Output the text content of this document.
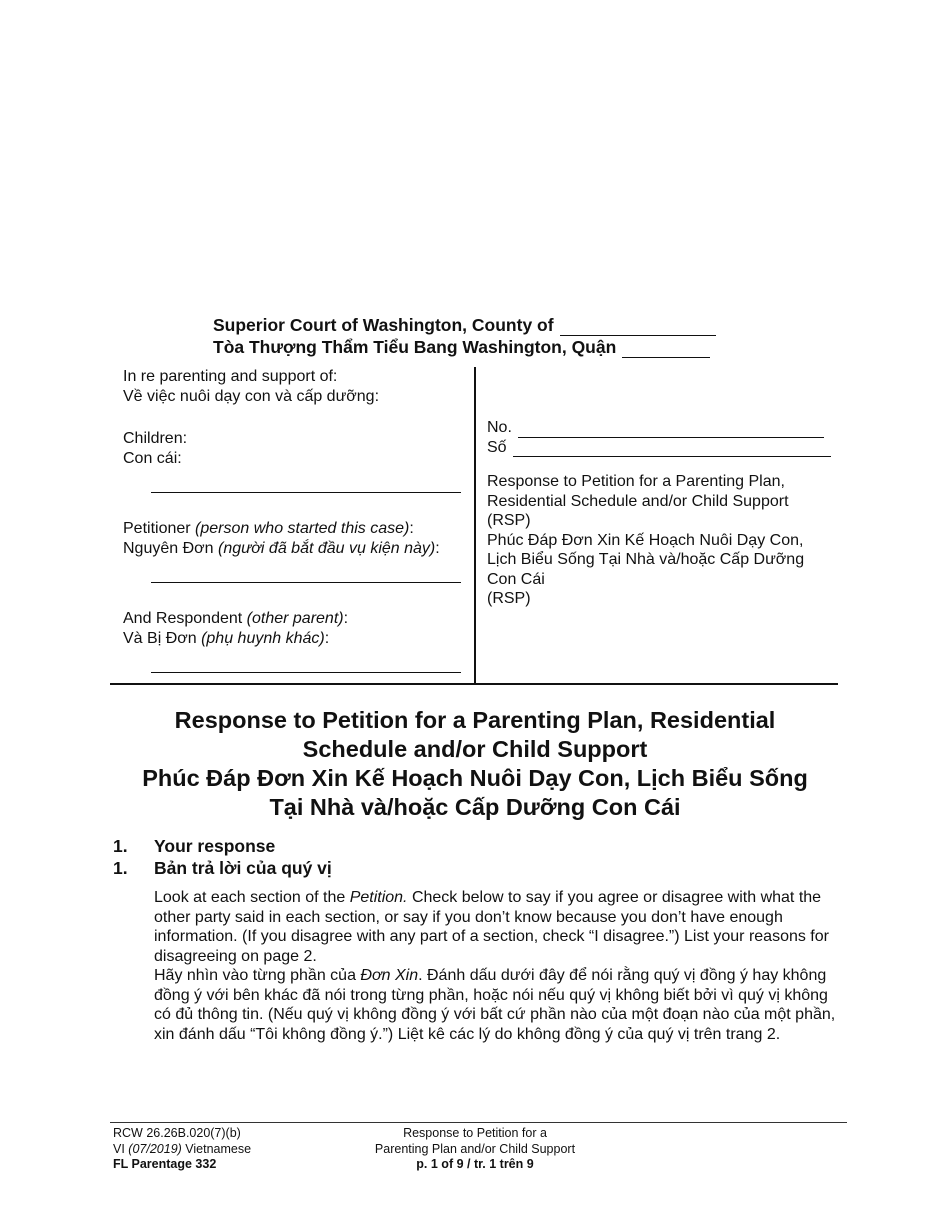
Superior Court of Washington, County of
Tòa Thượng Thẩm Tiểu Bang Washington, Quận
In re parenting and support of:
Về việc nuôi dạy con và cấp dưỡng:
Children:
Con cái:
Petitioner (person who started this case):
Nguyên Đơn (người đã bắt đầu vụ kiện này):
And Respondent (other parent):
Và Bị Đơn (phụ huynh khác):
No.
Số
Response to Petition for a Parenting Plan,
Residential Schedule and/or Child Support
(RSP)
Phúc Đáp Đơn Xin Kế Hoạch Nuôi Dạy Con,
Lịch Biểu Sống Tại Nhà và/hoặc Cấp Dưỡng
Con Cái
(RSP)
Response to Petition for a Parenting Plan, Residential
Schedule and/or Child Support
Phúc Đáp Đơn Xin Kế Hoạch Nuôi Dạy Con, Lịch Biểu Sống
Tại Nhà và/hoặc Cấp Dưỡng Con Cái
1.	Your response
1.	Bản trả lời của quý vị
Look at each section of the Petition. Check below to say if you agree or disagree with what the other party said in each section, or say if you don’t know because you don’t have enough information. (If you disagree with any part of a section, check “I disagree.”) List your reasons for disagreeing on page 2.
Hãy nhìn vào từng phần của Đơn Xin. Đánh dấu dưới đây để nói rằng quý vị đồng ý hay không đồng ý với bên khác đã nói trong từng phần, hoặc nói nếu quý vị không biết bởi vì quý vị không có đủ thông tin. (Nếu quý vị không đồng ý với bất cứ phần nào của một đoạn nào của một phần, xin đánh dấu “Tôi không đồng ý.”) Liệt kê các lý do không đồng ý của quý vị trên trang 2.
RCW 26.26B.020(7)(b)
VI (07/2019) Vietnamese
FL Parentage 332
Response to Petition for a
Parenting Plan and/or Child Support
p. 1 of 9 / tr. 1 trên 9
